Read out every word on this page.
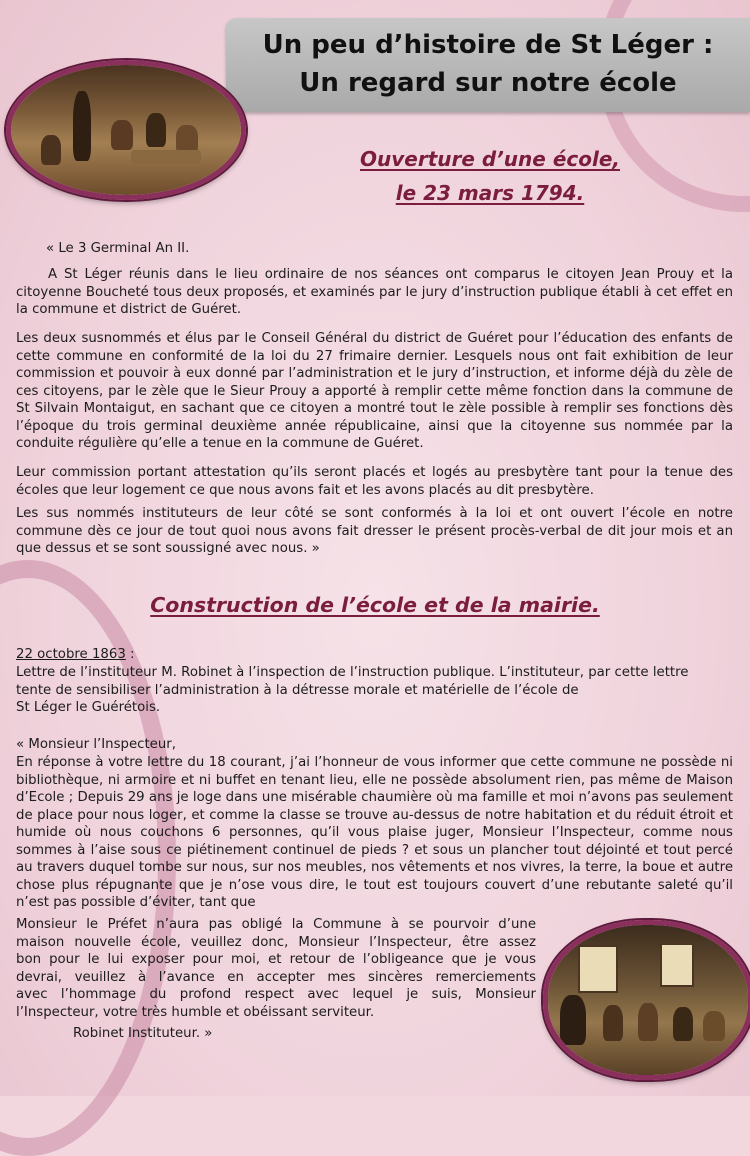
Un peu d’histoire de St Léger :
Un regard sur notre école
Ouverture d’une école,
le 23 mars 1794.
« Le 3 Germinal An II.

A St Léger réunis dans le lieu ordinaire de nos séances ont comparus le citoyen Jean Prouy et la citoyenne Boucheté tous deux proposés, et examinés par le jury d’instruction publique établi à cet effet en la commune et district de Guéret.

Les deux susnommés et élus par le Conseil Général du district de Guéret pour l’éducation des enfants de cette commune en conformité de la loi du 27 frimaire dernier. Lesquels nous ont fait exhibition de leur commission et pouvoir à eux donné par l’administration et le jury d’instruction, et informe déjà du zèle de ces citoyens, par le zèle que le Sieur Prouy a apporté à remplir cette même fonction dans la commune de St Silvain Montaigut, en sachant que ce citoyen a montré tout le zèle possible à remplir ses fonctions dès l’époque du trois germinal deuxième année républicaine, ainsi que la citoyenne sus nommée par la conduite régulière qu’elle a tenue en la commune de Guéret.

Leur commission portant attestation qu’ils seront placés et logés au presbytère tant pour la tenue des écoles que leur logement ce que nous avons fait et les avons placés au dit presbytère.

Les sus nommés instituteurs de leur côté se sont conformés à la loi et ont ouvert l’école en notre commune dès ce jour de tout quoi nous avons fait dresser le présent procès-verbal de dit jour mois et an que dessus et se sont soussigné avec nous. »

Construction de l’école et de la mairie.
22 octobre 1863 :
Lettre de l’instituteur M. Robinet à l’inspection de l’instruction publique. L’instituteur, par cette lettre
tente de sensibiliser l’administration à la détresse morale et matérielle de l’école de
St Léger le Guérétois.
« Monsieur l’Inspecteur,

En réponse à votre lettre du 18 courant, j’ai l’honneur de vous informer que cette commune ne possède ni bibliothèque, ni armoire et ni buffet en tenant lieu, elle ne possède absolument rien, pas même de Maison d’Ecole ; Depuis 29 ans je loge dans une misérable chaumière où ma famille et moi n’avons pas seulement de place pour nous loger, et comme la classe se trouve au-dessus de notre habitation et du réduit étroit et humide où nous couchons 6 personnes, qu’il vous plaise juger, Monsieur l’Inspecteur, comme nous sommes à l’aise sous ce piétinement continuel de pieds ? et sous un plancher tout déjointé et tout percé au travers duquel tombe sur nous, sur nos meubles, nos vêtements et nos vivres, la terre, la boue et autre chose plus répugnante que je n’ose vous dire, le tout est toujours couvert d’une rebutante saleté qu’il n’est pas possible d’éviter, tant que

Monsieur le Préfet n’aura pas obligé la Commune à se pourvoir d’une
maison nouvelle école, veuillez donc, Monsieur l’Inspecteur, être assez
bon pour le lui exposer pour moi, et retour de l’obligeance que je vous
devrai, veuillez à l’avance en accepter mes sincères remerciements
avec l’hommage du profond respect avec lequel je suis, Monsieur
l’Inspecteur, votre très humble et obéissant serviteur.
Robinet Instituteur. »
